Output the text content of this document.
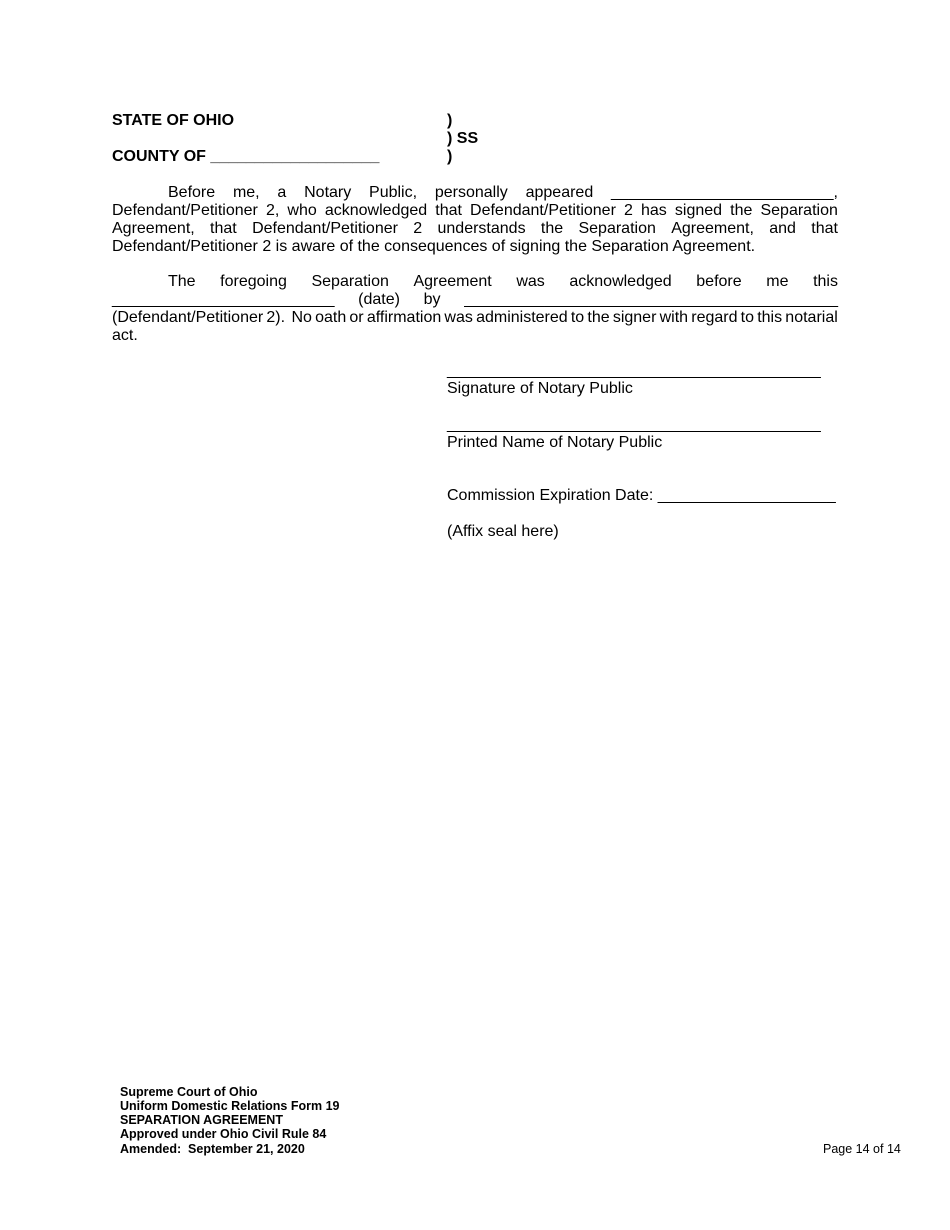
STATE OF OHIO
COUNTY OF ___________________
)
) SS
)
Before me, a Notary Public, personally appeared _________________________,
Defendant/Petitioner 2, who acknowledged that Defendant/Petitioner 2 has signed the Separation
Agreement, that Defendant/Petitioner 2 understands the Separation Agreement, and that
Defendant/Petitioner 2 is aware of the consequences of signing the Separation Agreement.
The foregoing Separation Agreement was acknowledged before me this
_________________________ (date) by __________________________________________
(Defendant/Petitioner 2). No oath or affirmation was administered to the signer with regard to this notarial
act.
__________________________________________
Signature of Notary Public
__________________________________________
Printed Name of Notary Public
Commission Expiration Date: ____________________
(Affix seal here)
Supreme Court of Ohio
Uniform Domestic Relations Form 19
SEPARATION AGREEMENT
Approved under Ohio Civil Rule 84
Amended:  September 21, 2020	Page 14 of 14
